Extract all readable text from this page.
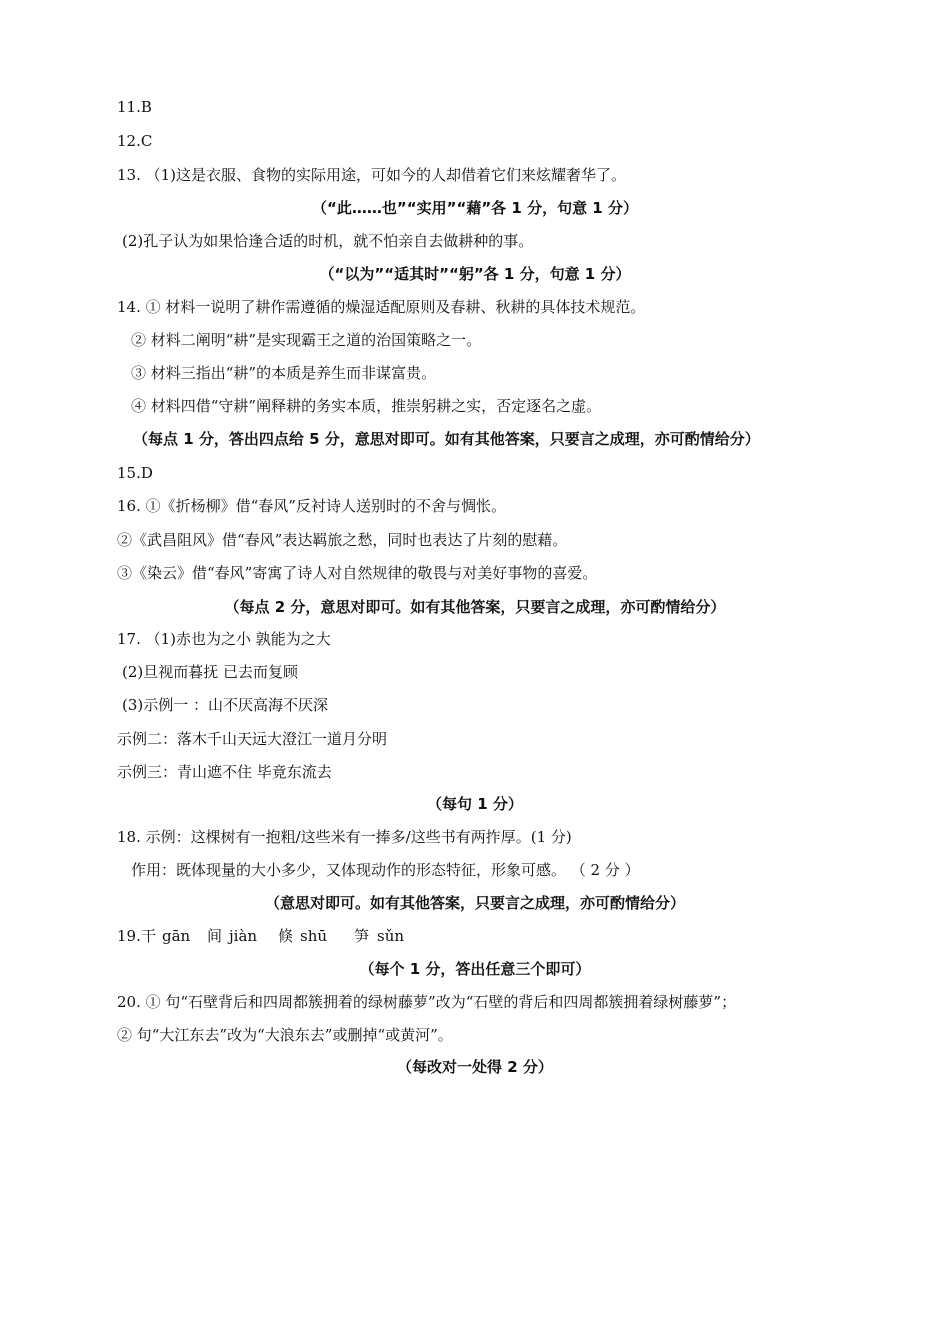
11.B
12.C
13. （1)这是衣服、食物的实际用途，可如今的人却借着它们来炫耀奢华了。
（“此……也”“实用”“藉”各 1 分，句意 1 分）
(2)孔子认为如果恰逢合适的时机，就不怕亲自去做耕种的事。
（“以为”“适其时”“躬”各 1 分，句意 1 分）
14. ① 材料一说明了耕作需遵循的燥湿适配原则及春耕、秋耕的具体技术规范。
② 材料二阐明“耕”是实现霸王之道的治国策略之一。
③ 材料三指出“耕”的本质是养生而非谋富贵。
④ 材料四借“守耕”阐释耕的务实本质，推崇躬耕之实，否定逐名之虚。
（每点 1 分，答出四点给 5 分，意思对即可。如有其他答案，只要言之成理，亦可酌情给分）
15.D
16. ①《折杨柳》借“春风”反衬诗人送别时的不舍与惆怅。
②《武昌阻风》借“春风”表达羁旅之愁，同时也表达了片刻的慰藉。
③《染云》借“春风”寄寓了诗人对自然规律的敬畏与对美好事物的喜爱。
（每点 2 分，意思对即可。如有其他答案，只要言之成理，亦可酌情给分）
17. （1)赤也为之小 孰能为之大
(2)旦视而暮抚 已去而复顾
(3)示例一 ：山不厌高海不厌深
示例二：落木千山天远大澄江一道月分明
示例三：青山遮不住 毕竟东流去
（每句 1 分）
18. 示例：这棵树有一抱粗/这些米有一捧多/这些书有两拃厚。(1 分)
作用：既体现量的大小多少，又体现动作的形态特征，形象可感。 （ 2 分 ）
（意思对即可。如有其他答案，只要言之成理，亦可酌情给分）
19. 干 gān 间 jiàn 倏 shū 笋 sǔn
（每个 1 分，答出任意三个即可）
20. ① 句“石壁背后和四周都簇拥着的绿树藤萝”改为“石壁的背后和四周都簇拥着绿树藤萝”；
② 句“大江东去”改为“大浪东去”或删掉“或黄河”。
（每改对一处得 2 分）
